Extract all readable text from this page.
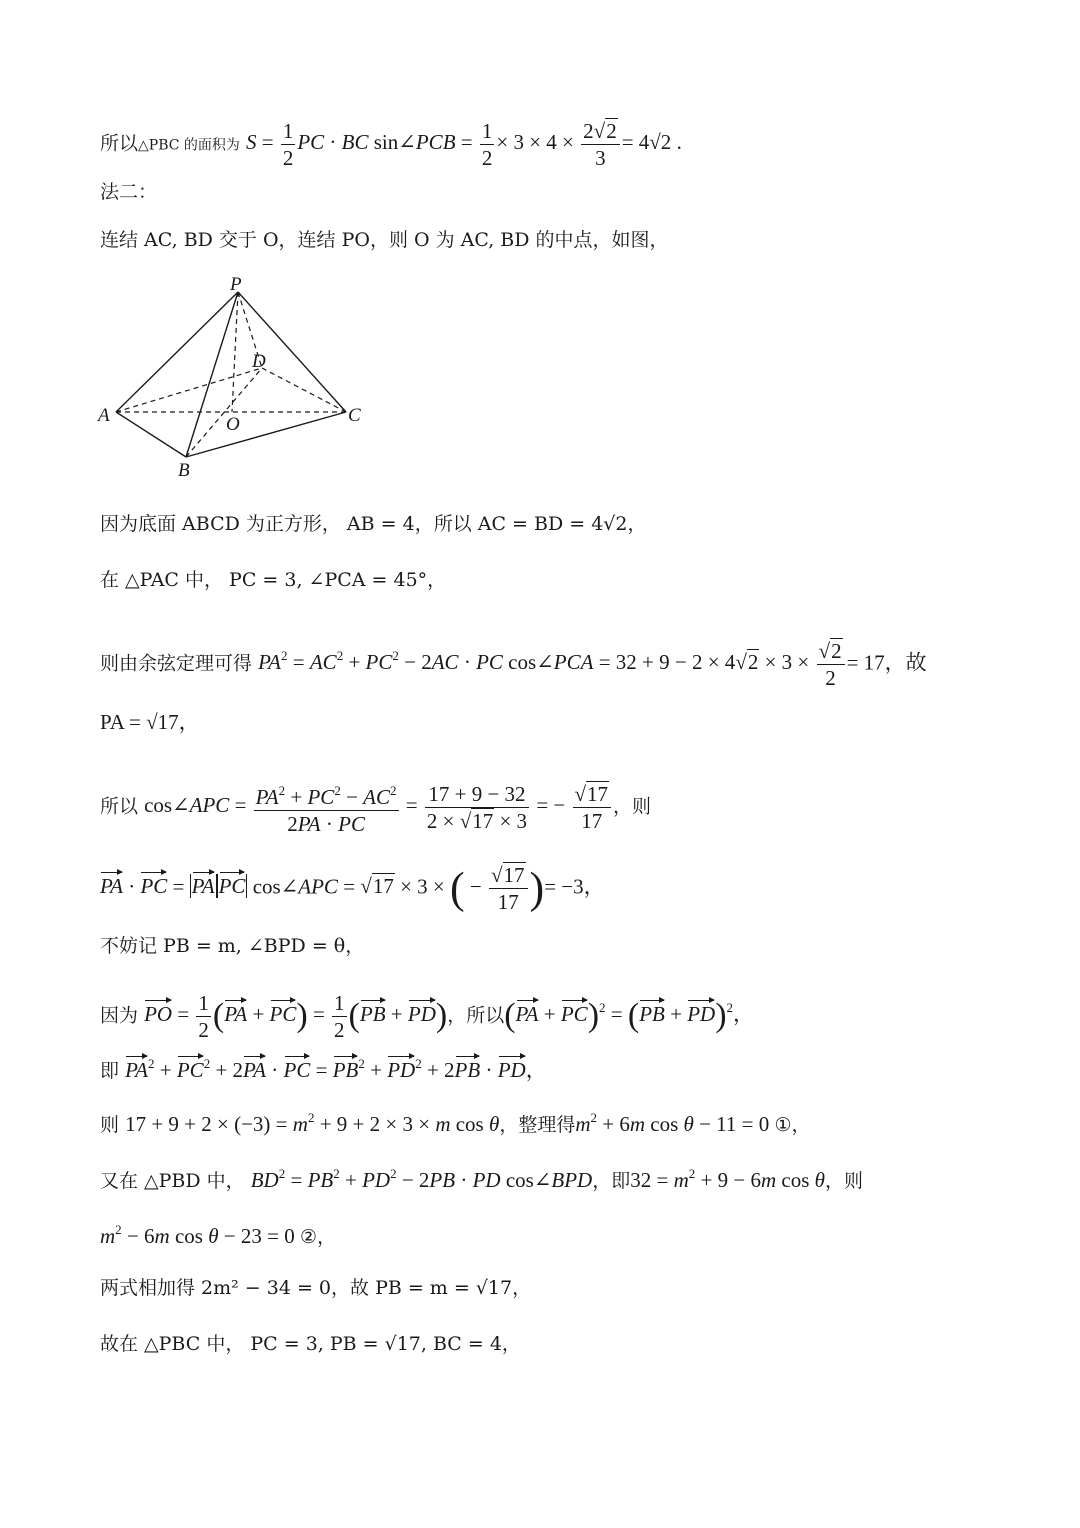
所以△PBC 的面积为 $S = \frac{1}{2}$ PC · BC sin∠PCB = $\frac{1}{2} \times 3 \times 4 \times \frac{2√2}{3} = 4√2$ .
法二：
连结 AC, BD 交于 O，连结 PO，则 O 为 AC, BD 的中点，如图，
P
D
A	O	C
B
因为底面 ABCD 为正方形， AB = 4，所以 AC = BD = 4√2，
在 △PAC 中， PC = 3, ∠PCA = 45°，
则由余弦定理可得 $PA^2 = AC^2 + PC^2 - 2AC$ · PC cos∠PCA = $32 + 9 - 2 \times 4√2 \times 3 \times \frac{√2}{2} = 17$，故
PA = √17，
所以 cos∠APC = $\frac{PA^2 + PC^2 - AC^2}{2PA \cdot PC} = \frac{17 + 9 - 32}{2 \times √17 \times 3}$ = − $\frac{√17}{17}$ ，则
PA · PC = PA PC cos∠APC = √17 × 3 × ( − $\frac{√17}{17}$ )= −3，
不妨记 PB = m, ∠BPD = θ，
因为 PO = $\frac{1}{2} (PA + PC) = \frac{1}{2} (PB + PD)$，所以(PA + PC)$^2$ = (PB + PD)$^2$，
即 $PA^2 + PC^2 + 2PA$ · PC = $PB^2 + PD^2 + 2PB$ · PD，
则 $17 + 9 + 2 \times (-3) = m^2 + 9 + 2 \times 3 \times m$ cos θ，整理得$m^2 + 6m$ cos θ − 11 = 0 ①，
又在 △PBD 中， $BD^2 = PB^2 + PD^2 - 2PB$ · PD cos∠BPD，即$32 = m^2 + 9 - 6m$ cos θ，则
$m^2 - 6m$ cos θ − 23 = 0 ②，
两式相加得 2m² − 34 = 0，故 PB = m = √17，
故在 △PBC 中， PC = 3, PB = √17, BC = 4，
